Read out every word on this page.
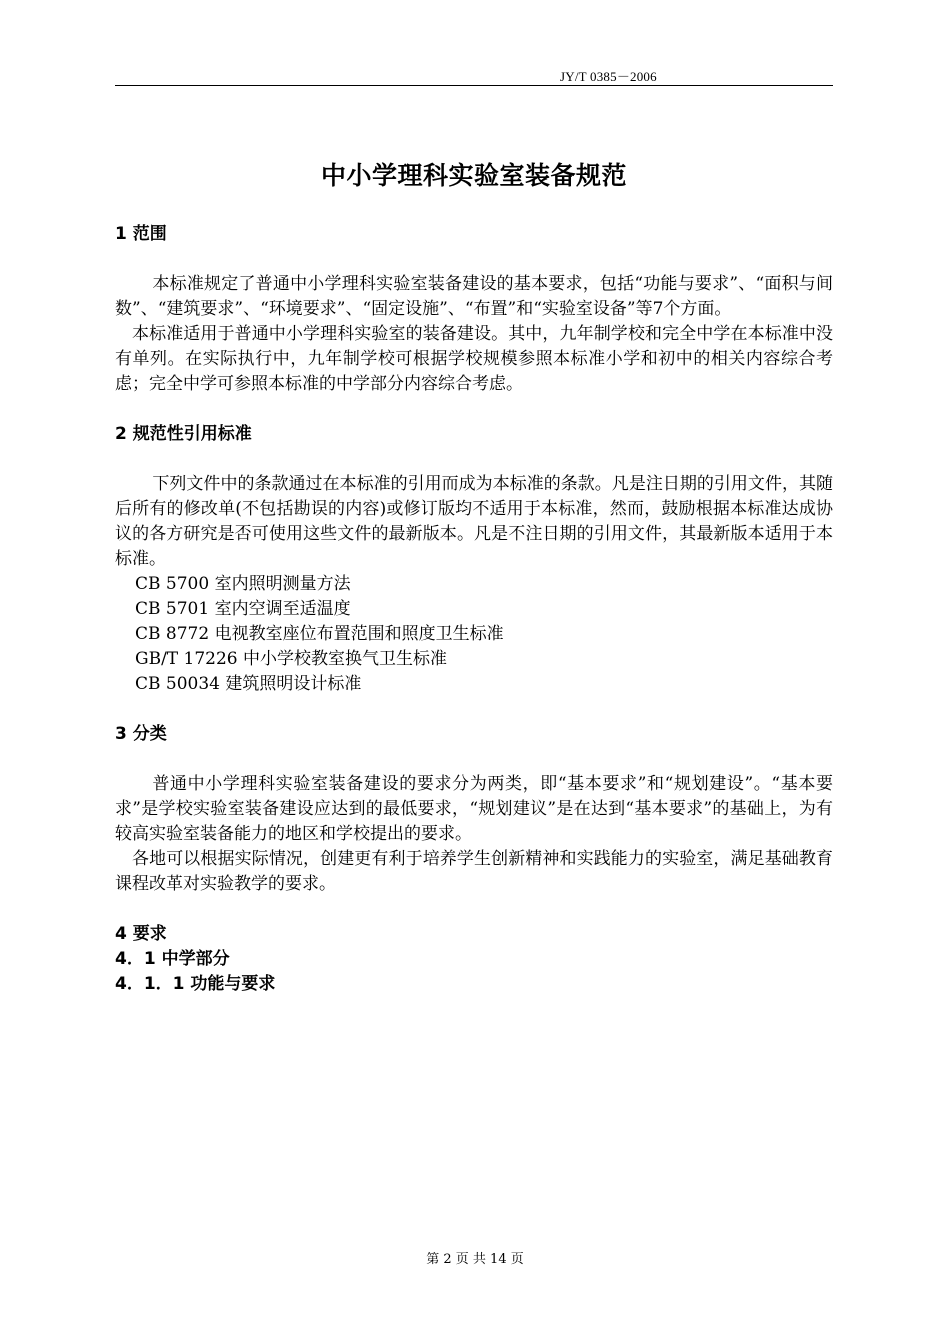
JY/T 0385－2006
中小学理科实验室装备规范
1 范围

本标准规定了普通中小学理科实验室装备建设的基本要求，包括“功能与要求”、“面积与间数”、“建筑要求”、“环境要求”、“固定设施”、“布置”和“实验室设备”等7个方面。

本标准适用于普通中小学理科实验室的装备建设。其中，九年制学校和完全中学在本标准中没有单列。在实际执行中，九年制学校可根据学校规模参照本标准小学和初中的相关内容综合考虑；完全中学可参照本标准的中学部分内容综合考虑。

2 规范性引用标准

下列文件中的条款通过在本标准的引用而成为本标准的条款。凡是注日期的引用文件，其随后所有的修改单(不包括勘误的内容)或修订版均不适用于本标准，然而，鼓励根据本标准达成协议的各方研究是否可使用这些文件的最新版本。凡是不注日期的引用文件，其最新版本适用于本标准。

CB 5700 室内照明测量方法
CB 5701 室内空调至适温度
CB 8772 电视教室座位布置范围和照度卫生标准
GB/T 17226 中小学校教室换气卫生标准
CB 50034 建筑照明设计标准
3 分类

普通中小学理科实验室装备建设的要求分为两类，即“基本要求”和“规划建设”。“基本要求”是学校实验室装备建设应达到的最低要求，“规划建议”是在达到“基本要求”的基础上，为有较高实验室装备能力的地区和学校提出的要求。

各地可以根据实际情况，创建更有利于培养学生创新精神和实践能力的实验室，满足基础教育课程改革对实验教学的要求。

4 要求
4．1 中学部分
4．1．1 功能与要求
第 2 页 共 14 页
